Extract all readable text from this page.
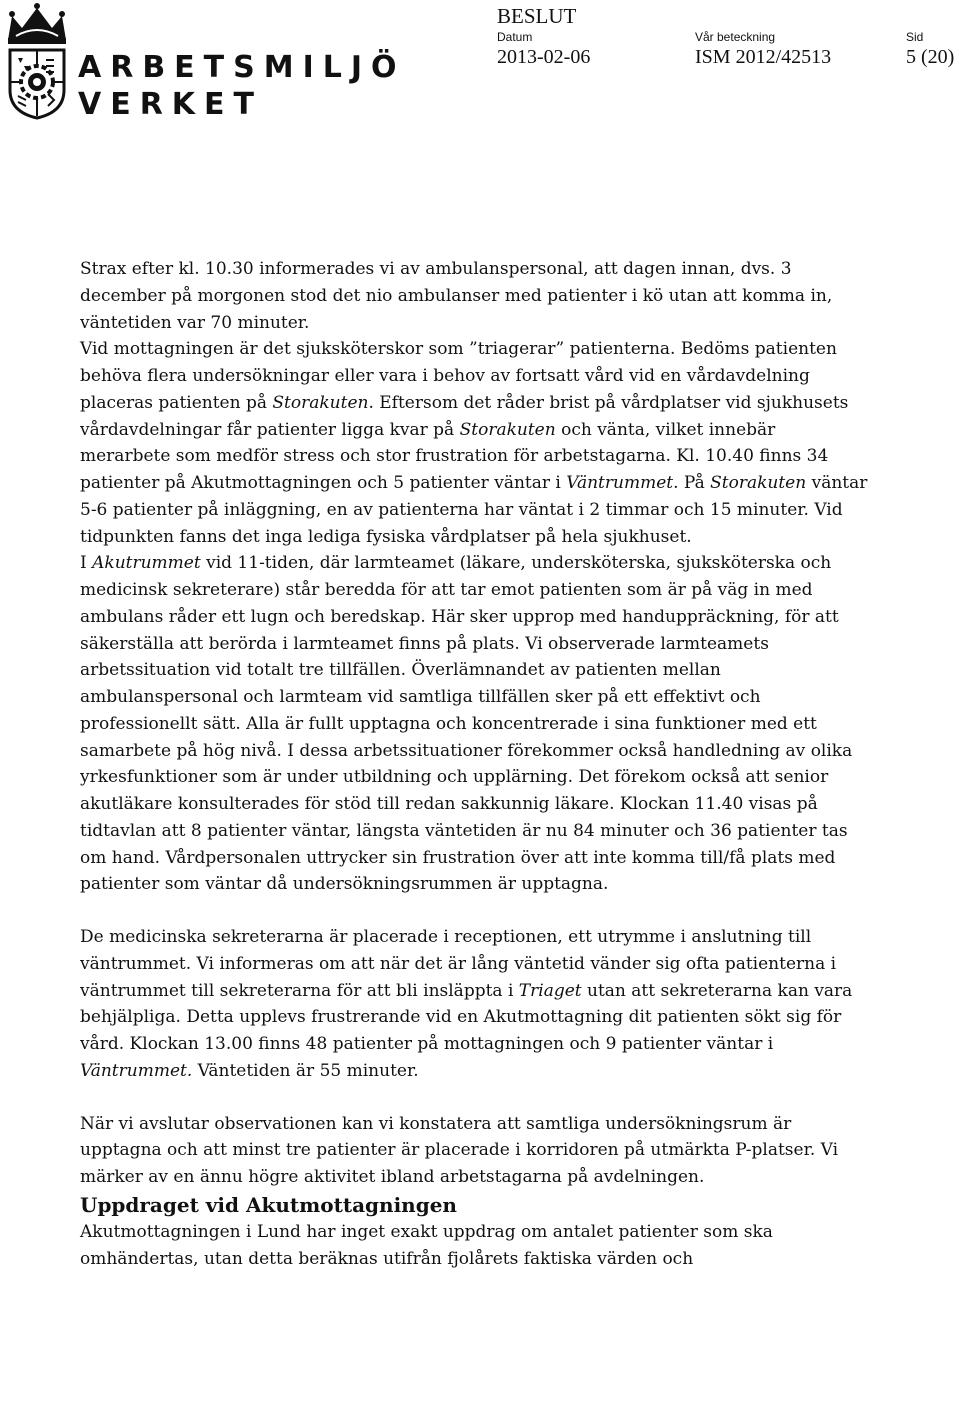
ARBETSMILJÖ
VERKET
BESLUT
Datum
2013-02-06
Vår beteckning
ISM 2012/42513
Sid
5 (20)

Strax efter kl. 10.30 informerades vi av ambulanspersonal, att dagen innan, dvs. 3 december på morgonen stod det nio ambulanser med patienter i kö utan att komma in, väntetiden var 70 minuter.
Vid mottagningen är det sjuksköterskor som ”triagerar” patienterna. Bedöms patienten behöva flera undersökningar eller vara i behov av fortsatt vård vid en vårdavdelning placeras patienten på Storakuten. Eftersom det råder brist på vårdplatser vid sjukhusets vårdavdelningar får patienter ligga kvar på Storakuten och vänta, vilket innebär merarbete som medför stress och stor frustration för arbetstagarna. Kl. 10.40 finns 34 patienter på Akutmottagningen och 5 patienter väntar i Väntrummet. På Storakuten väntar 5-6 patienter på inläggning, en av patienterna har väntat i 2 timmar och 15 minuter. Vid tidpunkten fanns det inga lediga fysiska vårdplatser på hela sjukhuset.
I Akutrummet vid 11-tiden, där larmteamet (läkare, undersköterska, sjuksköterska och medicinsk sekreterare) står beredda för att tar emot patienten som är på väg in med ambulans råder ett lugn och beredskap. Här sker upprop med handuppräckning, för att säkerställa att berörda i larmteamet finns på plats. Vi observerade larmteamets arbetssituation vid totalt tre tillfällen. Överlämnandet av patienten mellan ambulanspersonal och larmteam vid samtliga tillfällen sker på ett effektivt och professionellt sätt. Alla är fullt upptagna och koncentrerade i sina funktioner med ett samarbete på hög nivå. I dessa arbetssituationer förekommer också handledning av olika yrkesfunktioner som är under utbildning och upplärning. Det förekom också att senior akutläkare konsulterades för stöd till redan sakkunnig läkare. Klockan 11.40 visas på tidtavlan att 8 patienter väntar, längsta väntetiden är nu 84 minuter och 36 patienter tas om hand. Vårdpersonalen uttrycker sin frustration över att inte komma till/få plats med patienter som väntar då undersökningsrummen är upptagna.

De medicinska sekreterarna är placerade i receptionen, ett utrymme i anslutning till väntrummet. Vi informeras om att när det är lång väntetid vänder sig ofta patienterna i väntrummet till sekreterarna för att bli insläppta i Triaget utan att sekreterarna kan vara behjälpliga. Detta upplevs frustrerande vid en Akutmottagning dit patienten sökt sig för vård. Klockan 13.00 finns 48 patienter på mottagningen och 9 patienter väntar i Väntrummet. Väntetiden är 55 minuter.

När vi avslutar observationen kan vi konstatera att samtliga undersökningsrum är upptagna och att minst tre patienter är placerade i korridoren på utmärkta P-platser. Vi märker av en ännu högre aktivitet ibland arbetstagarna på avdelningen.

Uppdraget vid Akutmottagningen

Akutmottagningen i Lund har inget exakt uppdrag om antalet patienter som ska omhändertas, utan detta beräknas utifrån fjolårets faktiska värden och
